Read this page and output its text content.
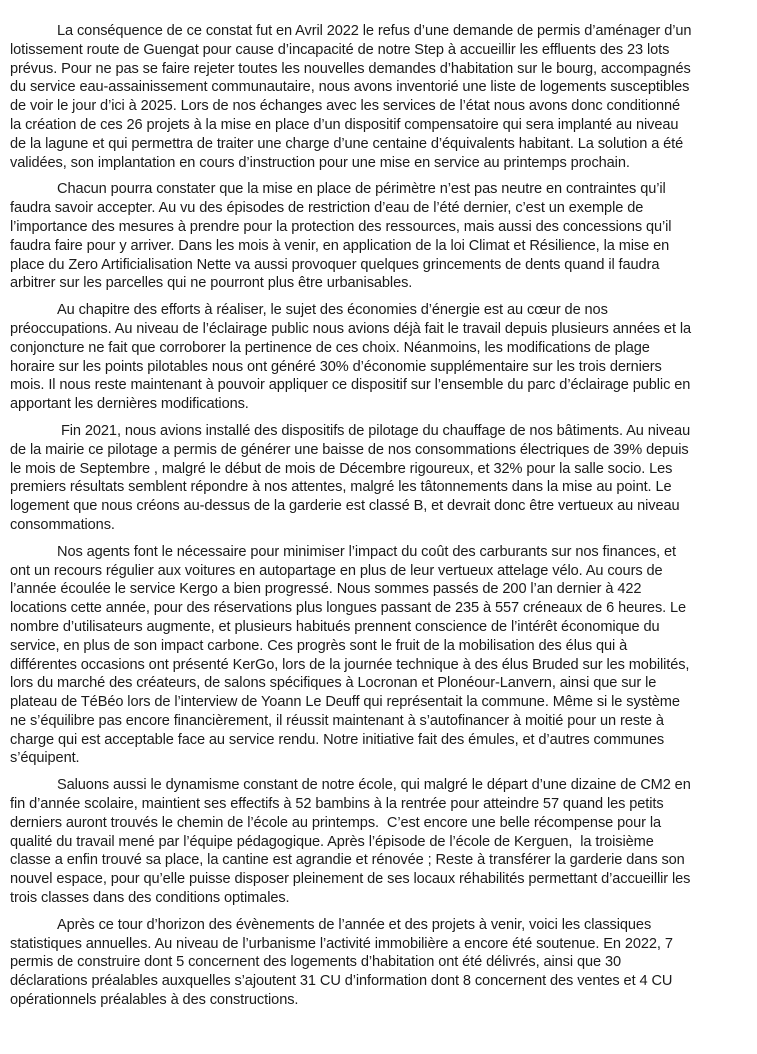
La conséquence de ce constat fut en Avril 2022 le refus d’une demande de permis d’aménager d’un
lotissement route de Guengat pour cause d’incapacité de notre Step à accueillir les effluents des 23 lots
prévus. Pour ne pas se faire rejeter toutes les nouvelles demandes d’habitation sur le bourg, accompagnés
du service eau-assainissement communautaire, nous avons inventorié une liste de logements susceptibles
de voir le jour d’ici à 2025. Lors de nos échanges avec les services de l’état nous avons donc conditionné
la création de ces 26 projets à la mise en place d’un dispositif compensatoire qui sera implanté au niveau
de la lagune et qui permettra de traiter une charge d’une centaine d’équivalents habitant. La solution a été
validées, son implantation en cours d’instruction pour une mise en service au printemps prochain.

Chacun pourra constater que la mise en place de périmètre n’est pas neutre en contraintes qu’il
faudra savoir accepter. Au vu des épisodes de restriction d’eau de l’été dernier, c’est un exemple de
l’importance des mesures à prendre pour la protection des ressources, mais aussi des concessions qu’il
faudra faire pour y arriver. Dans les mois à venir, en application de la loi Climat et Résilience, la mise en
place du Zero Artificialisation Nette va aussi provoquer quelques grincements de dents quand il faudra
arbitrer sur les parcelles qui ne pourront plus être urbanisables.

Au chapitre des efforts à réaliser, le sujet des économies d’énergie est au cœur de nos
préoccupations. Au niveau de l’éclairage public nous avions déjà fait le travail depuis plusieurs années et la
conjoncture ne fait que corroborer la pertinence de ces choix. Néanmoins, les modifications de plage
horaire sur les points pilotables nous ont généré 30% d’économie supplémentaire sur les trois derniers
mois. Il nous reste maintenant à pouvoir appliquer ce dispositif sur l’ensemble du parc d’éclairage public en
apportant les dernières modifications.

Fin 2021, nous avions installé des dispositifs de pilotage du chauffage de nos bâtiments. Au niveau
de la mairie ce pilotage a permis de générer une baisse de nos consommations électriques de 39% depuis
le mois de Septembre , malgré le début de mois de Décembre rigoureux, et 32% pour la salle socio. Les
premiers résultats semblent répondre à nos attentes, malgré les tâtonnements dans la mise au point. Le
logement que nous créons au-dessus de la garderie est classé B, et devrait donc être vertueux au niveau
consommations.

Nos agents font le nécessaire pour minimiser l’impact du coût des carburants sur nos finances, et
ont un recours régulier aux voitures en autopartage en plus de leur vertueux attelage vélo. Au cours de
l’année écoulée le service Kergo a bien progressé. Nous sommes passés de 200 l’an dernier à 422
locations cette année, pour des réservations plus longues passant de 235 à 557 créneaux de 6 heures. Le
nombre d’utilisateurs augmente, et plusieurs habitués prennent conscience de l’intérêt économique du
service, en plus de son impact carbone. Ces progrès sont le fruit de la mobilisation des élus qui à
différentes occasions ont présenté KerGo, lors de la journée technique à des élus Bruded sur les mobilités,
lors du marché des créateurs, de salons spécifiques à Locronan et Plonéour-Lanvern, ainsi que sur le
plateau de TéBéo lors de l’interview de Yoann Le Deuff qui représentait la commune. Même si le système
ne s’équilibre pas encore financièrement, il réussit maintenant à s’autofinancer à moitié pour un reste à
charge qui est acceptable face au service rendu. Notre initiative fait des émules, et d’autres communes
s’équipent.

Saluons aussi le dynamisme constant de notre école, qui malgré le départ d’une dizaine de CM2 en
fin d’année scolaire, maintient ses effectifs à 52 bambins à la rentrée pour atteindre 57 quand les petits
derniers auront trouvés le chemin de l’école au printemps.  C’est encore une belle récompense pour la
qualité du travail mené par l’équipe pédagogique. Après l’épisode de l’école de Kerguen,  la troisième
classe a enfin trouvé sa place, la cantine est agrandie et rénovée ; Reste à transférer la garderie dans son
nouvel espace, pour qu’elle puisse disposer pleinement de ses locaux réhabilités permettant d’accueillir les
trois classes dans des conditions optimales.

Après ce tour d’horizon des évènements de l’année et des projets à venir, voici les classiques
statistiques annuelles. Au niveau de l’urbanisme l’activité immobilière a encore été soutenue. En 2022, 7
permis de construire dont 5 concernent des logements d’habitation ont été délivrés, ainsi que 30
déclarations préalables auxquelles s’ajoutent 31 CU d’information dont 8 concernent des ventes et 4 CU
opérationnels préalables à des constructions.
